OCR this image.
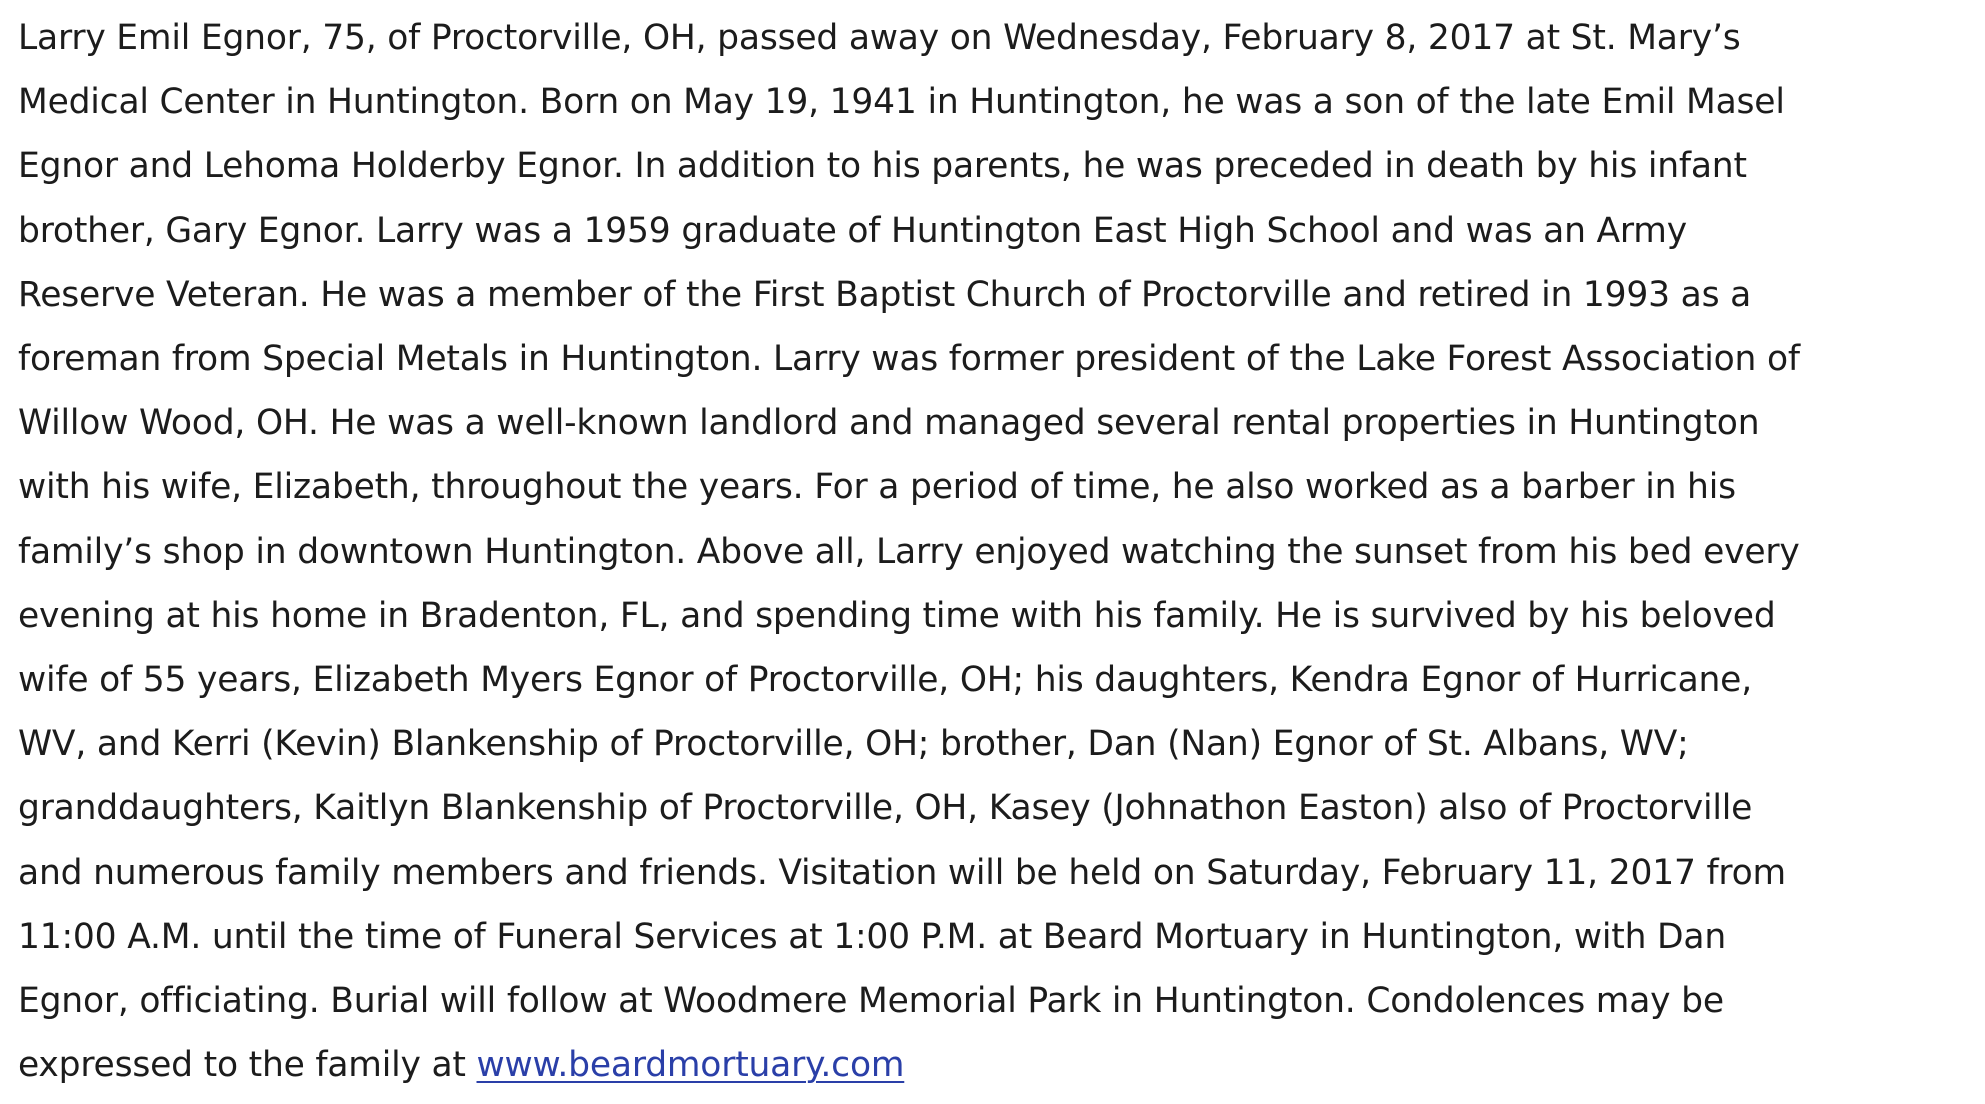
Larry Emil Egnor, 75, of Proctorville, OH, passed away on Wednesday, February 8, 2017 at St. Mary’s
Medical Center in Huntington. Born on May 19, 1941 in Huntington, he was a son of the late Emil Masel
Egnor and Lehoma Holderby Egnor. In addition to his parents, he was preceded in death by his infant
brother, Gary Egnor. Larry was a 1959 graduate of Huntington East High School and was an Army
Reserve Veteran. He was a member of the First Baptist Church of Proctorville and retired in 1993 as a
foreman from Special Metals in Huntington. Larry was former president of the Lake Forest Association of
Willow Wood, OH. He was a well-known landlord and managed several rental properties in Huntington
with his wife, Elizabeth, throughout the years. For a period of time, he also worked as a barber in his
family’s shop in downtown Huntington. Above all, Larry enjoyed watching the sunset from his bed every
evening at his home in Bradenton, FL, and spending time with his family. He is survived by his beloved
wife of 55 years, Elizabeth Myers Egnor of Proctorville, OH; his daughters, Kendra Egnor of Hurricane,
WV, and Kerri (Kevin) Blankenship of Proctorville, OH; brother, Dan (Nan) Egnor of St. Albans, WV;
granddaughters, Kaitlyn Blankenship of Proctorville, OH, Kasey (Johnathon Easton) also of Proctorville
and numerous family members and friends. Visitation will be held on Saturday, February 11, 2017 from
11:00 A.M. until the time of Funeral Services at 1:00 P.M. at Beard Mortuary in Huntington, with Dan
Egnor, officiating. Burial will follow at Woodmere Memorial Park in Huntington. Condolences may be
expressed to the family at www.beardmortuary.com
